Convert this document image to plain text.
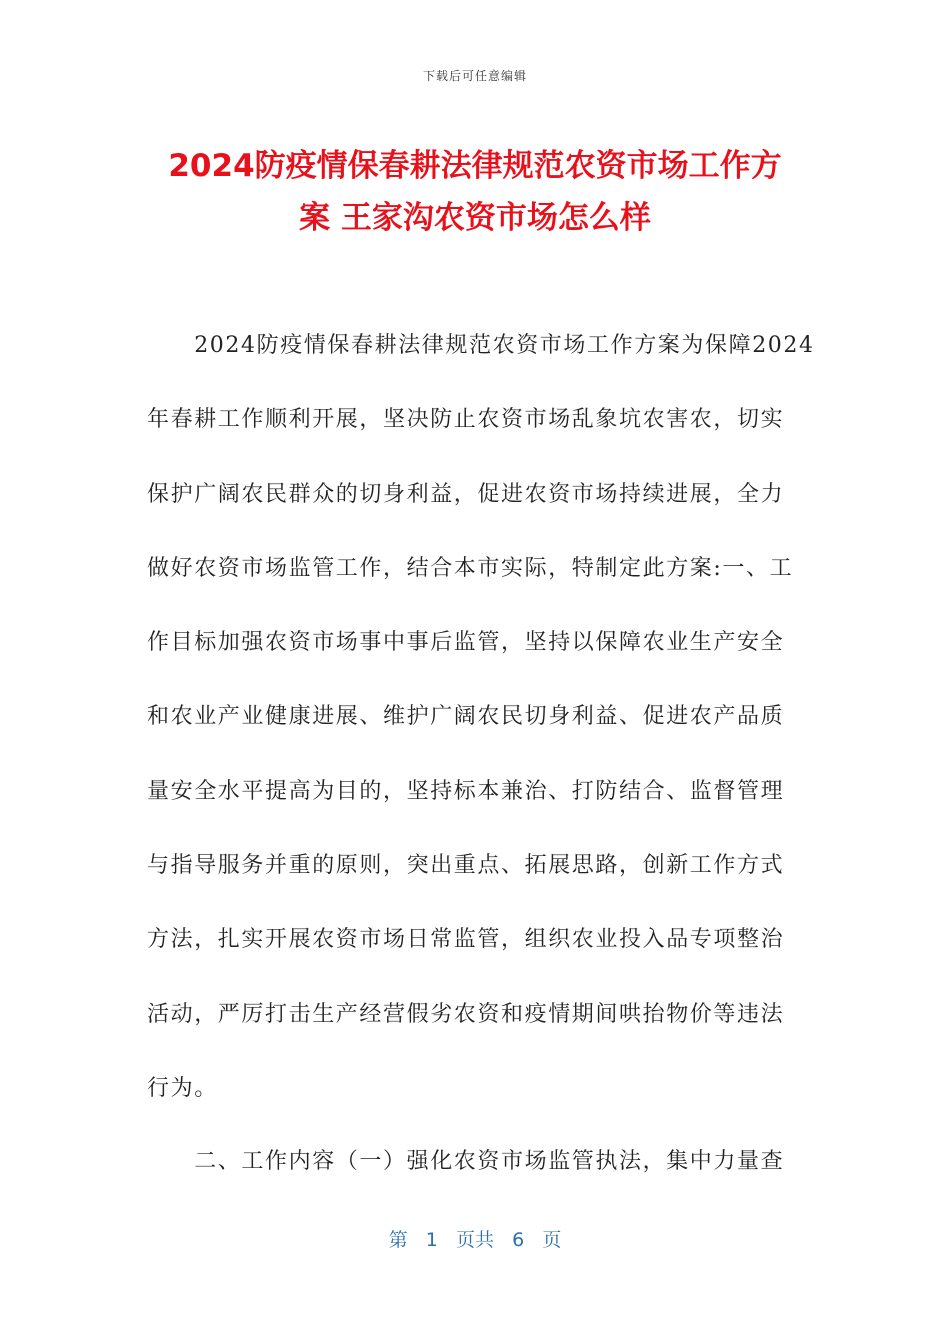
下载后可任意编辑
2024防疫情保春耕法律规范农资市场工作方
案 王家沟农资市场怎么样
　　2024防疫情保春耕法律规范农资市场工作方案为保障2024
年春耕工作顺利开展，坚决防止农资市场乱象坑农害农，切实
保护广阔农民群众的切身利益，促进农资市场持续进展，全力
做好农资市场监管工作，结合本市实际，特制定此方案:一、工
作目标加强农资市场事中事后监管，坚持以保障农业生产安全
和农业产业健康进展、维护广阔农民切身利益、促进农产品质
量安全水平提高为目的，坚持标本兼治、打防结合、监督管理
与指导服务并重的原则，突出重点、拓展思路，创新工作方式
方法，扎实开展农资市场日常监管，组织农业投入品专项整治
活动，严厉打击生产经营假劣农资和疫情期间哄抬物价等违法
行为。
　　二、工作内容（一）强化农资市场监管执法，集中力量查
第 1 页共 6 页
